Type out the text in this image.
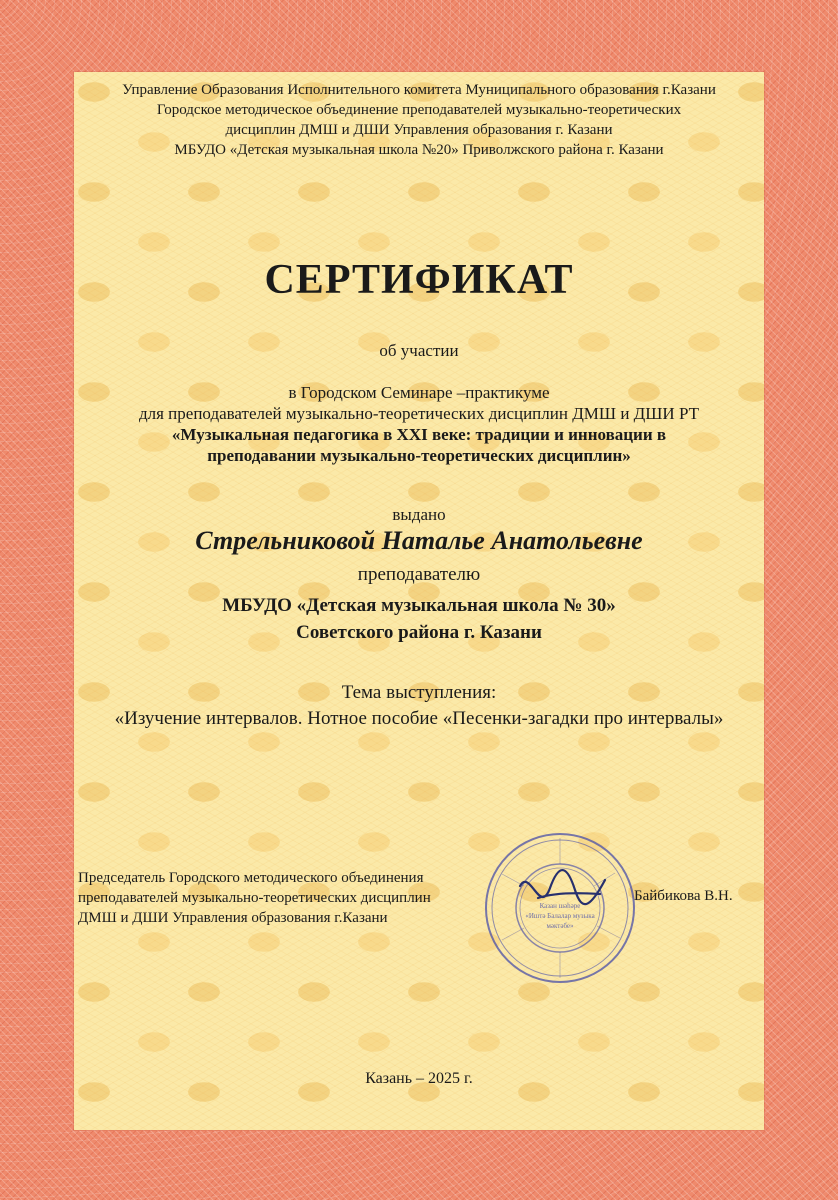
Управление Образования Исполнительного комитета Муниципального образования г.Казани
Городское методическое объединение преподавателей музыкально-теоретических
дисциплин ДМШ и ДШИ Управления образования г. Казани
МБУДО «Детская музыкальная школа №20» Приволжского района г. Казани
СЕРТИФИКАТ
об участии
в Городском Семинаре –практикуме
для преподавателей музыкально-теоретических дисциплин ДМШ и ДШИ РТ
«Музыкальная педагогика в XXI веке: традиции и инновации в
преподавании музыкально-теоретических дисциплин»
выдано
Стрельниковой Наталье Анатольевне
преподавателю
МБУДО «Детская музыкальная школа № 30»
Советского района г. Казани
Тема выступления:
«Изучение интервалов. Нотное пособие «Песенки-загадки про интервалы»
Казан шәһәре
«Иштә Балалар музыка
мәктәбе»
Председатель Городского методического объединения
преподавателей музыкально-теоретических дисциплин
ДМШ и ДШИ Управления образования г.Казани
Байбикова В.Н.
Казань – 2025 г.
